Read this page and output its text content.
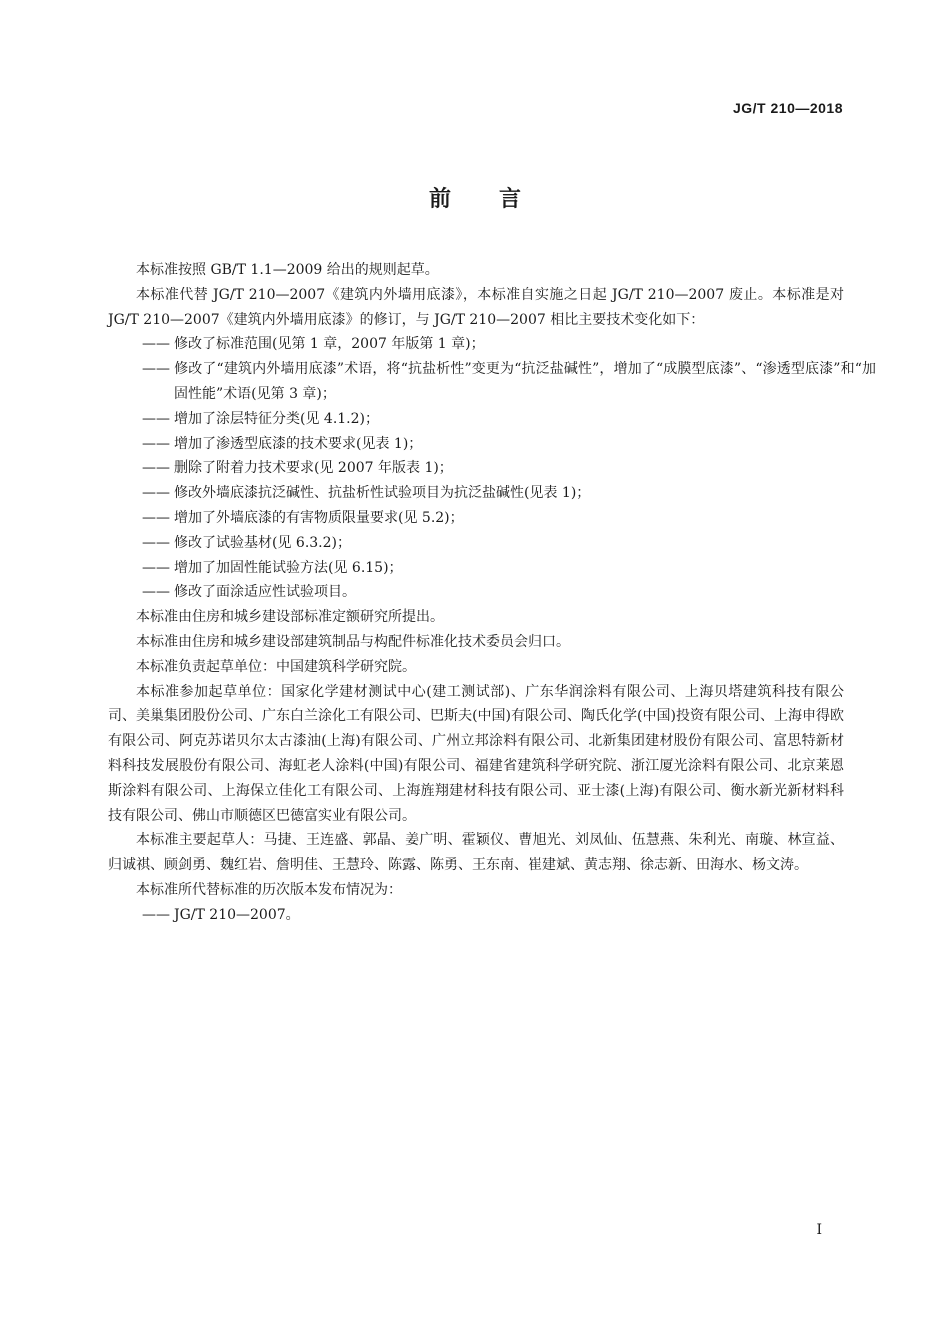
JG/T 210—2018
前 言

本标准按照 GB/T 1.1—2009 给出的规则起草。

本标准代替 JG/T 210—2007《建筑内外墙用底漆》，本标准自实施之日起 JG/T 210—2007 废止。本标准是对 JG/T 210—2007《建筑内外墙用底漆》的修订，与 JG/T 210—2007 相比主要技术变化如下：

—— 修改了标准范围(见第 1 章，2007 年版第 1 章)；

—— 修改了“建筑内外墙用底漆”术语，将“抗盐析性”变更为“抗泛盐碱性”，增加了“成膜型底漆”、“渗透型底漆”和“加固性能”术语(见第 3 章)；

—— 增加了涂层特征分类(见 4.1.2)；

—— 增加了渗透型底漆的技术要求(见表 1)；

—— 删除了附着力技术要求(见 2007 年版表 1)；

—— 修改外墙底漆抗泛碱性、抗盐析性试验项目为抗泛盐碱性(见表 1)；

—— 增加了外墙底漆的有害物质限量要求(见 5.2)；

—— 修改了试验基材(见 6.3.2)；

—— 增加了加固性能试验方法(见 6.15)；

—— 修改了面涂适应性试验项目。

本标准由住房和城乡建设部标准定额研究所提出。

本标准由住房和城乡建设部建筑制品与构配件标准化技术委员会归口。

本标准负责起草单位：中国建筑科学研究院。

本标准参加起草单位：国家化学建材测试中心(建工测试部)、广东华润涂料有限公司、上海贝塔建筑科技有限公司、美巢集团股份公司、广东白兰涂化工有限公司、巴斯夫(中国)有限公司、陶氏化学(中国)投资有限公司、上海申得欧有限公司、阿克苏诺贝尔太古漆油(上海)有限公司、广州立邦涂料有限公司、北新集团建材股份有限公司、富思特新材料科技发展股份有限公司、海虹老人涂料(中国)有限公司、福建省建筑科学研究院、浙江厦光涂料有限公司、北京莱恩斯涂料有限公司、上海保立佳化工有限公司、上海旌翔建材科技有限公司、亚士漆(上海)有限公司、衡水新光新材料科技有限公司、佛山市顺德区巴德富实业有限公司。

本标准主要起草人：马捷、王连盛、郭晶、姜广明、霍颖仪、曹旭光、刘凤仙、伍慧燕、朱利光、南璇、林宣益、归诚祺、顾剑勇、魏红岩、詹明佳、王慧玲、陈露、陈勇、王东南、崔建斌、黄志翔、徐志新、田海水、杨文涛。

本标准所代替标准的历次版本发布情况为：

—— JG/T 210—2007。

I
